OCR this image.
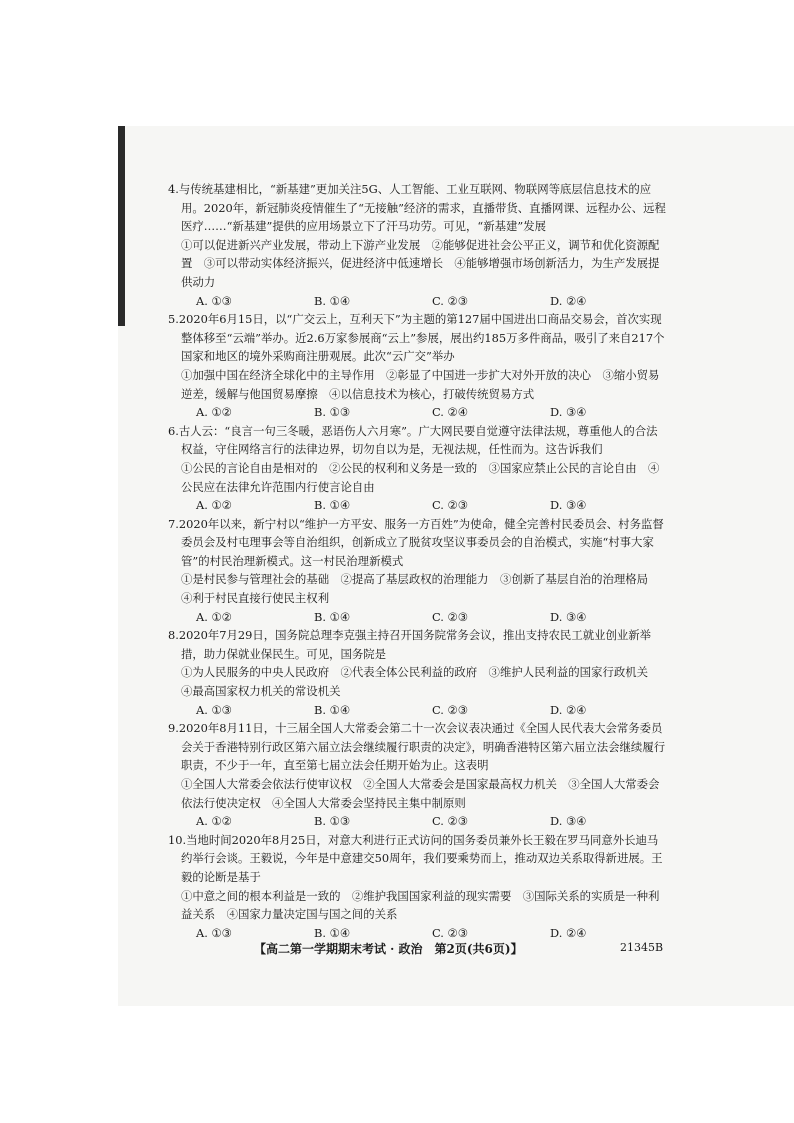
4.与传统基建相比，“新基建”更加关注5G、人工智能、工业互联网、物联网等底层信息技术的应用。2020年，新冠肺炎疫情催生了“无接触”经济的需求，直播带货、直播网课、远程办公、远程医疗……“新基建”提供的应用场景立下了汗马功劳。可见，“新基建”发展
①可以促进新兴产业发展，带动上下游产业发展　②能够促进社会公平正义，调节和优化资源配置　③可以带动实体经济振兴，促进经济中低速增长　④能够增强市场创新活力，为生产发展提供动力
A. ①③	B. ①④	C. ②③	D. ②④
5.2020年6月15日，以“广交云上，互利天下”为主题的第127届中国进出口商品交易会，首次实现整体移至“云端”举办。近2.6万家参展商“云上”参展，展出约185万多件商品，吸引了来自217个国家和地区的境外采购商注册观展。此次“云广交”举办
①加强中国在经济全球化中的主导作用　②彰显了中国进一步扩大对外开放的决心　③缩小贸易逆差，缓解与他国贸易摩擦　④以信息技术为核心，打破传统贸易方式
A. ①②	B. ①③	C. ②④	D. ③④
6.古人云：“良言一句三冬暖，恶语伤人六月寒”。广大网民要自觉遵守法律法规，尊重他人的合法权益，守住网络言行的法律边界，切勿自以为是，无视法规，任性而为。这告诉我们
①公民的言论自由是相对的　②公民的权利和义务是一致的　③国家应禁止公民的言论自由　④公民应在法律允许范围内行使言论自由
A. ①②	B. ①④	C. ②③	D. ③④
7.2020年以来，新宁村以“维护一方平安、服务一方百姓”为使命，健全完善村民委员会、村务监督委员会及村屯理事会等自治组织，创新成立了脱贫攻坚议事委员会的自治模式，实施“村事大家管”的村民治理新模式。这一村民治理新模式
①是村民参与管理社会的基础　②提高了基层政权的治理能力　③创新了基层自治的治理格局　④利于村民直接行使民主权利
A. ①②	B. ①④	C. ②③	D. ③④
8.2020年7月29日，国务院总理李克强主持召开国务院常务会议，推出支持农民工就业创业新举措，助力保就业保民生。可见，国务院是
①为人民服务的中央人民政府　②代表全体公民利益的政府　③维护人民利益的国家行政机关　④最高国家权力机关的常设机关
A. ①③	B. ①④	C. ②③	D. ②④
9.2020年8月11日，十三届全国人大常委会第二十一次会议表决通过《全国人民代表大会常务委员会关于香港特别行政区第六届立法会继续履行职责的决定》，明确香港特区第六届立法会继续履行职责，不少于一年，直至第七届立法会任期开始为止。这表明
①全国人大常委会依法行使审议权　②全国人大常委会是国家最高权力机关　③全国人大常委会依法行使决定权　④全国人大常委会坚持民主集中制原则
A. ①②	B. ①③	C. ②③	D. ③④
10.当地时间2020年8月25日，对意大利进行正式访问的国务委员兼外长王毅在罗马同意外长迪马约举行会谈。王毅说，今年是中意建交50周年，我们要乘势而上，推动双边关系取得新进展。王毅的论断是基于
①中意之间的根本利益是一致的　②维护我国国家利益的现实需要　③国际关系的实质是一种利益关系　④国家力量决定国与国之间的关系
A. ①③	B. ①④	C. ②③	D. ②④
【高二第一学期期末考试 · 政治　第2页(共6页)】	21345B
